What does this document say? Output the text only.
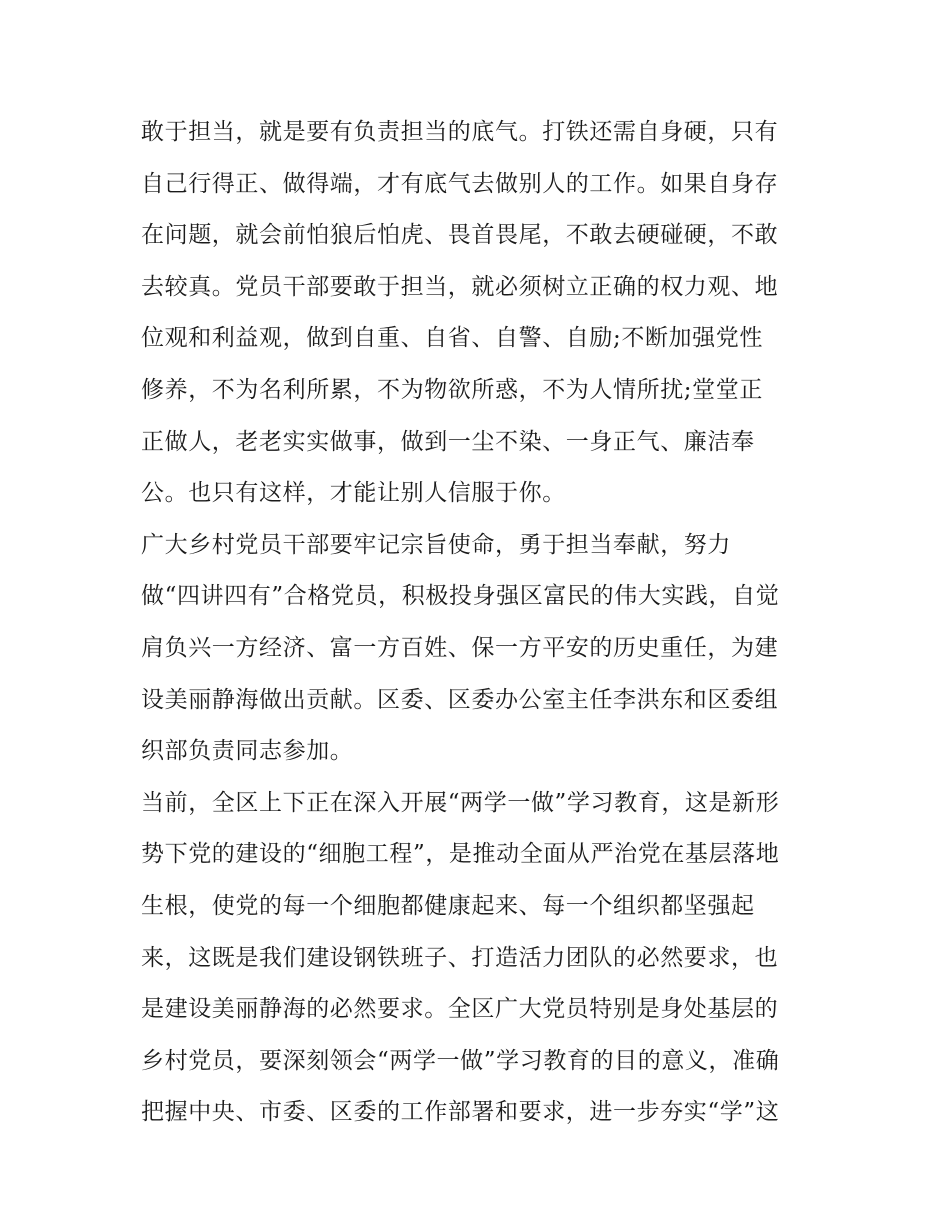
敢于担当，就是要有负责担当的底气。打铁还需自身硬，只有
自己行得正、做得端，才有底气去做别人的工作。如果自身存
在问题，就会前怕狼后怕虎、畏首畏尾，不敢去硬碰硬，不敢
去较真。党员干部要敢于担当，就必须树立正确的权力观、地
位观和利益观，做到自重、自省、自警、自励;不断加强党性
修养，不为名利所累，不为物欲所惑，不为人情所扰;堂堂正
正做人，老老实实做事，做到一尘不染、一身正气、廉洁奉
公。也只有这样，才能让别人信服于你。
广大乡村党员干部要牢记宗旨使命，勇于担当奉献，努力
做“四讲四有”合格党员，积极投身强区富民的伟大实践，自觉
肩负兴一方经济、富一方百姓、保一方平安的历史重任，为建
设美丽静海做出贡献。区委、区委办公室主任李洪东和区委组
织部负责同志参加。
当前，全区上下正在深入开展“两学一做”学习教育，这是新形
势下党的建设的“细胞工程”，是推动全面从严治党在基层落地
生根，使党的每一个细胞都健康起来、每一个组织都坚强起
来，这既是我们建设钢铁班子、打造活力团队的必然要求，也
是建设美丽静海的必然要求。全区广大党员特别是身处基层的
乡村党员，要深刻领会“两学一做”学习教育的目的意义，准确
把握中央、市委、区委的工作部署和要求，进一步夯实“学”这
